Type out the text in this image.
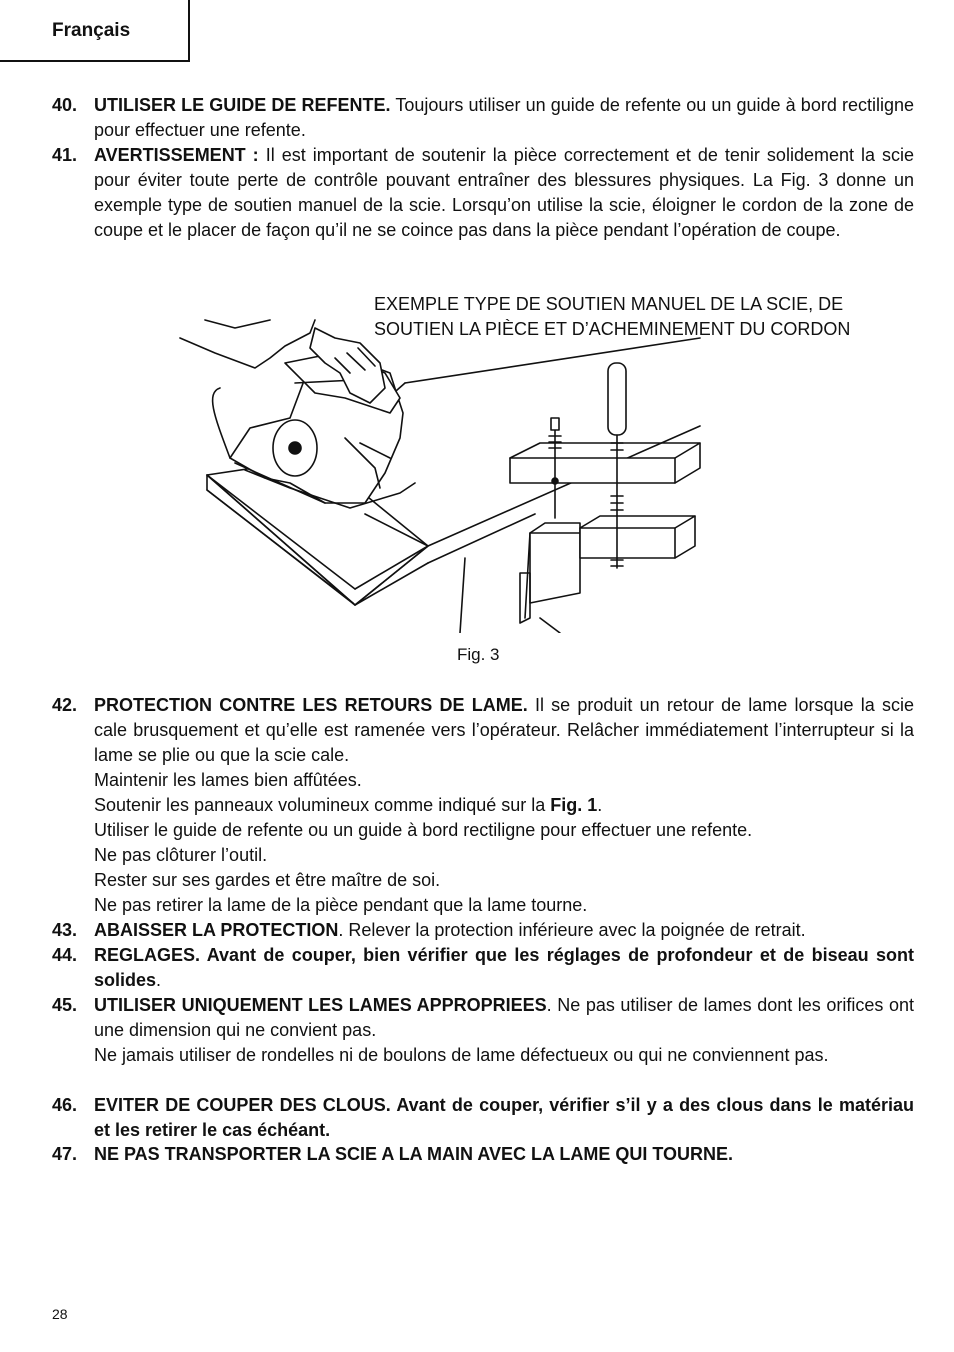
Français
40. UTILISER LE GUIDE DE REFENTE. Toujours utiliser un guide de refente ou un guide à bord rectiligne pour effectuer une refente.
41. AVERTISSEMENT : Il est important de soutenir la pièce correctement et de tenir solidement la scie pour éviter toute perte de contrôle pouvant entraîner des blessures physiques. La Fig. 3 donne un exemple type de soutien manuel de la scie. Lorsqu’on utilise la scie, éloigner le cordon de la zone de coupe et le placer de façon qu’il ne se coince pas dans la pièce pendant l’opération de coupe.
EXEMPLE TYPE DE SOUTIEN MANUEL DE LA SCIE, DE SOUTIEN LA PIÈCE ET D’ACHEMINEMENT DU CORDON
Fig. 3
42. PROTECTION CONTRE LES RETOURS DE LAME. Il se produit un retour de lame lorsque la scie cale brusquement et qu’elle est ramenée vers l’opérateur. Relâcher immédiatement l’interrupteur si la lame se plie ou que la scie cale.
Maintenir les lames bien affûtées.
Soutenir les panneaux volumineux comme indiqué sur la Fig. 1.
Utiliser le guide de refente ou un guide à bord rectiligne pour effectuer une refente.
Ne pas clôturer l’outil.
Rester sur ses gardes et être maître de soi.
Ne pas retirer la lame de la pièce pendant que la lame tourne.
43. ABAISSER LA PROTECTION. Relever la protection inférieure avec la poignée de retrait.
44. REGLAGES. Avant de couper, bien vérifier que les réglages de profondeur et de biseau sont solides.
45. UTILISER UNIQUEMENT LES LAMES APPROPRIEES. Ne pas utiliser de lames dont les orifices ont une dimension qui ne convient pas.
Ne jamais utiliser de rondelles ni de boulons de lame défectueux ou qui ne conviennent pas.
46. EVITER DE COUPER DES CLOUS. Avant de couper, vérifier s’il y a des clous dans le matériau et les retirer le cas échéant.
47. NE PAS TRANSPORTER LA SCIE A LA MAIN AVEC LA LAME QUI TOURNE.
28
